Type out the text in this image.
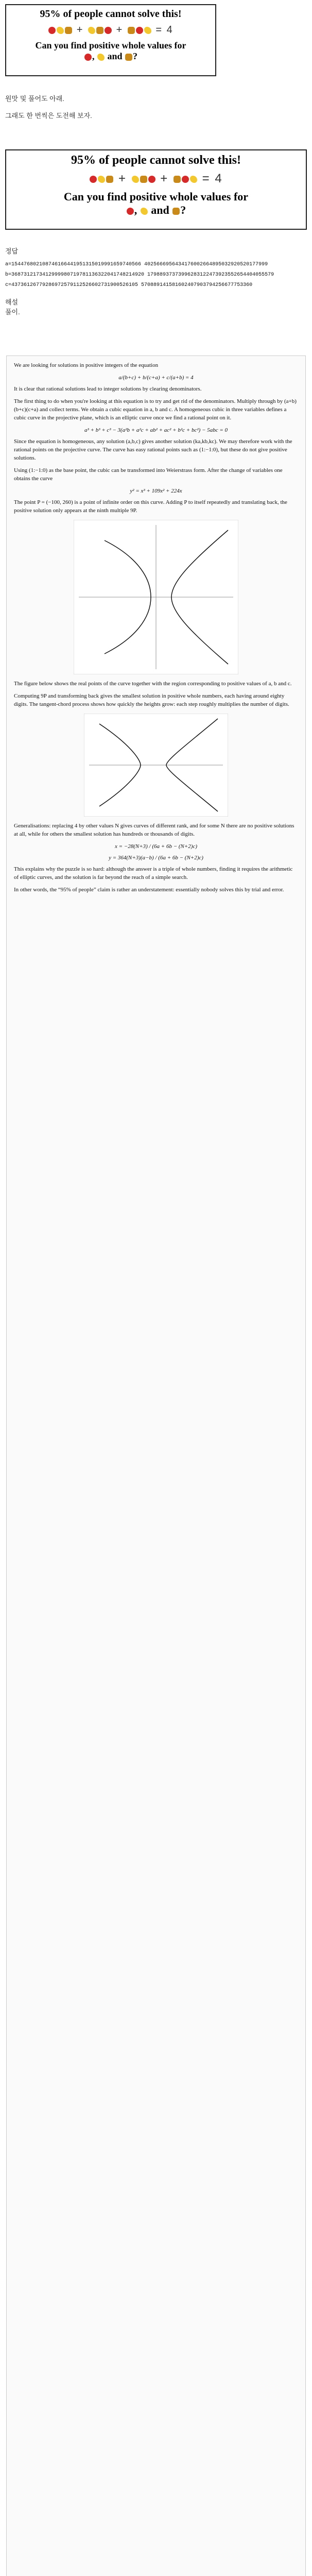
95% of people cannot solve this!
+  +	= 4
Can you find positive whole values for
,  and ?
원맛 및 풀어도 아래.
그래도 한 번씩은 도전해 보자.
95% of people cannot solve this!
+  +  = 4
Can you find positive whole values for
,  and ?
정답
a=154476802108746166441951315019991659740566 4025666956434176002664895032920520177999
b=3687312173412999980719781136322041748214920 17988937373996283122473923552654404055579
c=43736126779286972579112526602731900526105 570889141581602407903794256677753360
해설
풀이.

We are looking for solutions in positive integers of the equation

a/(b+c) + b/(c+a) + c/(a+b) = 4

It is clear that rational solutions lead to integer solutions by clearing denominators.

The first thing to do when you're looking at this equation is to try and get rid of the denominators. Multiply through by (a+b)(b+c)(c+a) and collect terms. We obtain a cubic equation in a, b and c. A homogeneous cubic in three variables defines a cubic curve in the projective plane, which is an elliptic curve once we find a rational point on it.

a³ + b³ + c³ − 3(a²b + a²c + ab² + ac² + b²c + bc²) − 5abc = 0

Since the equation is homogeneous, any solution (a,b,c) gives another solution (ka,kb,kc). We may therefore work with the rational points on the projective curve. The curve has easy rational points such as (1:−1:0), but these do not give positive solutions.

Using (1:−1:0) as the base point, the cubic can be transformed into Weierstrass form. After the change of variables one obtains the curve

y² = x³ + 109x² + 224x

The point P = (−100, 260) is a point of infinite order on this curve. Adding P to itself repeatedly and translating back, the positive solution only appears at the ninth multiple 9P.

The figure below shows the real points of the curve together with the region corresponding to positive values of a, b and c.

Computing 9P and transforming back gives the smallest solution in positive whole numbers, each having around eighty digits. The tangent-chord process shows how quickly the heights grow: each step roughly multiplies the number of digits.

Generalisations: replacing 4 by other values N gives curves of different rank, and for some N there are no positive solutions at all, while for others the smallest solution has hundreds or thousands of digits.

x = −28(N+3) / (6a + 6b − (N+2)c)
y = 364(N+3)(a−b) / (6a + 6b − (N+2)c)

This explains why the puzzle is so hard: although the answer is a triple of whole numbers, finding it requires the arithmetic of elliptic curves, and the solution is far beyond the reach of a simple search.

In other words, the “95% of people” claim is rather an understatement: essentially nobody solves this by trial and error.
